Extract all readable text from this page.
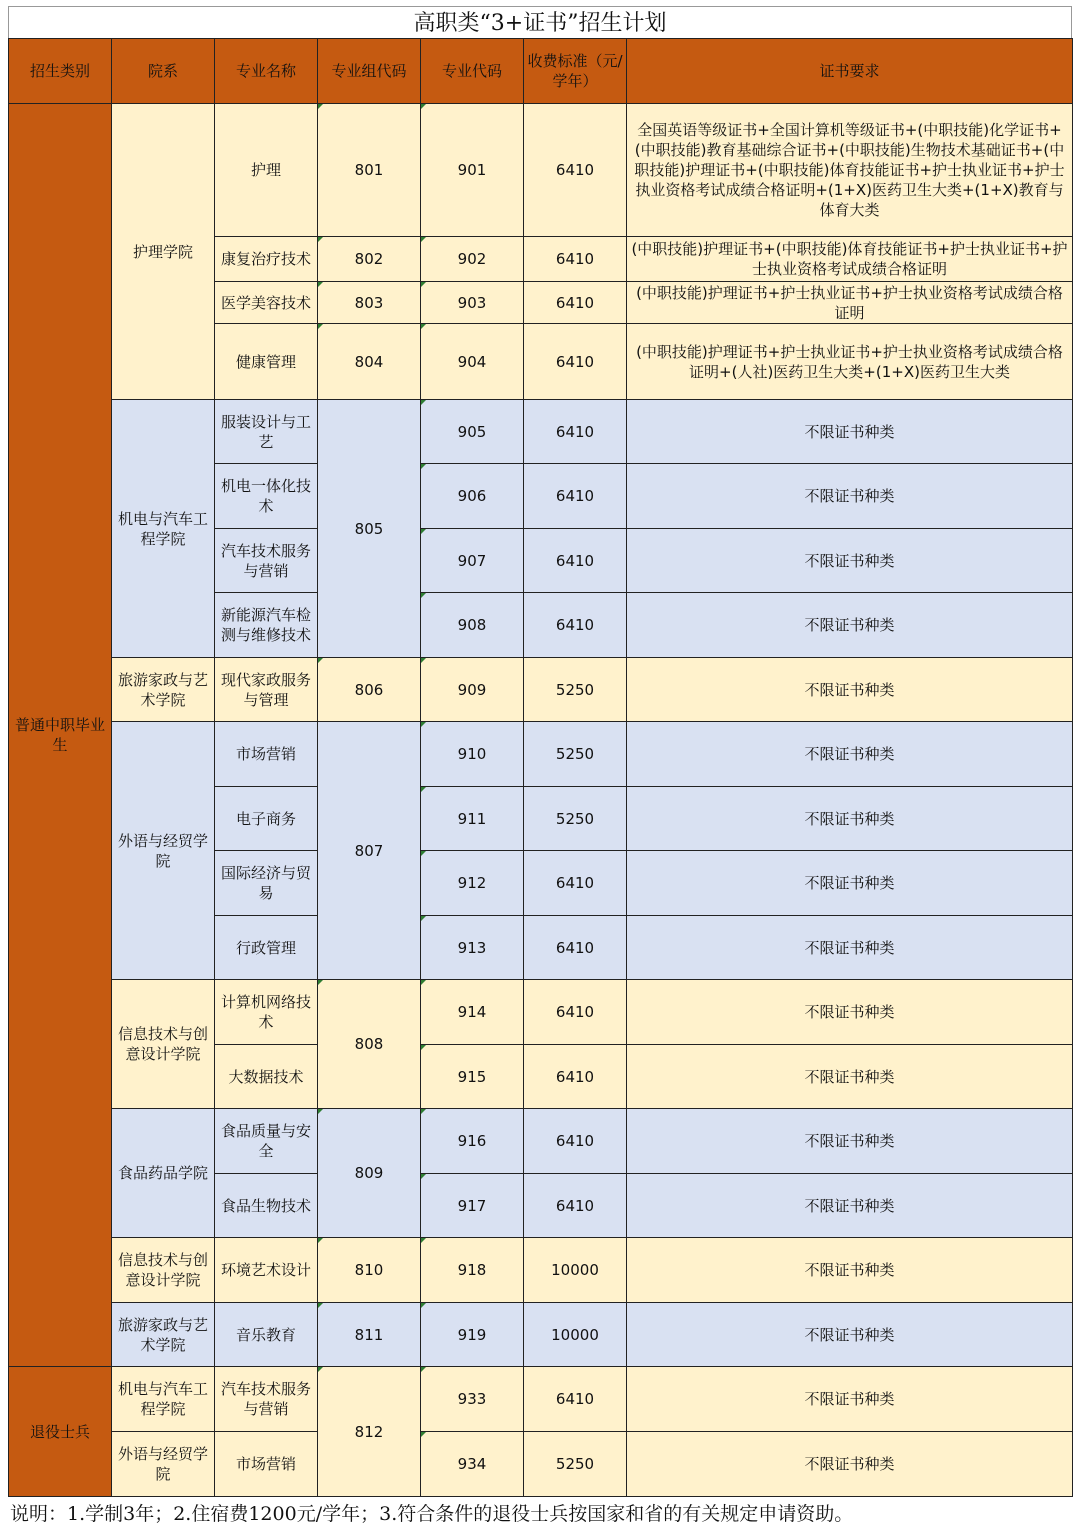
高职类“3+证书”招生计划
招生类别	院系	专业名称	专业组代码	专业代码	收费标准（元/学年）	证书要求
普通中职毕业生	护理学院	护理	801	901	6410	全国英语等级证书+全国计算机等级证书+(中职技能)化学证书+(中职技能)教育基础综合证书+(中职技能)生物技术基础证书+(中职技能)护理证书+(中职技能)体育技能证书+护士执业证书+护士执业资格考试成绩合格证明+(1+X)医药卫生大类+(1+X)教育与体育大类
		康复治疗技术	802	902	6410	(中职技能)护理证书+(中职技能)体育技能证书+护士执业证书+护士执业资格考试成绩合格证明
		医学美容技术	803	903	6410	(中职技能)护理证书+护士执业证书+护士执业资格考试成绩合格证明
		健康管理	804	904	6410	(中职技能)护理证书+护士执业证书+护士执业资格考试成绩合格证明+(人社)医药卫生大类+(1+X)医药卫生大类
	机电与汽车工程学院	服装设计与工艺	805	905	6410	不限证书种类
		机电一体化技术		906	6410	不限证书种类
		汽车技术服务与营销		907	6410	不限证书种类
		新能源汽车检测与维修技术		908	6410	不限证书种类
	旅游家政与艺术学院	现代家政服务与管理	806	909	5250	不限证书种类
	外语与经贸学院	市场营销	807	910	5250	不限证书种类
		电子商务		911	5250	不限证书种类
		国际经济与贸易		912	6410	不限证书种类
		行政管理		913	6410	不限证书种类
	信息技术与创意设计学院	计算机网络技术	808	914	6410	不限证书种类
		大数据技术		915	6410	不限证书种类
	食品药品学院	食品质量与安全	809	916	6410	不限证书种类
		食品生物技术		917	6410	不限证书种类
	信息技术与创意设计学院	环境艺术设计	810	918	10000	不限证书种类
	旅游家政与艺术学院	音乐教育	811	919	10000	不限证书种类
退役士兵	机电与汽车工程学院	汽车技术服务与营销	812	933	6410	不限证书种类
	外语与经贸学院	市场营销		934	5250	不限证书种类
说明：1.学制3年；2.住宿费1200元/学年；3.符合条件的退役士兵按国家和省的有关规定申请资助。
